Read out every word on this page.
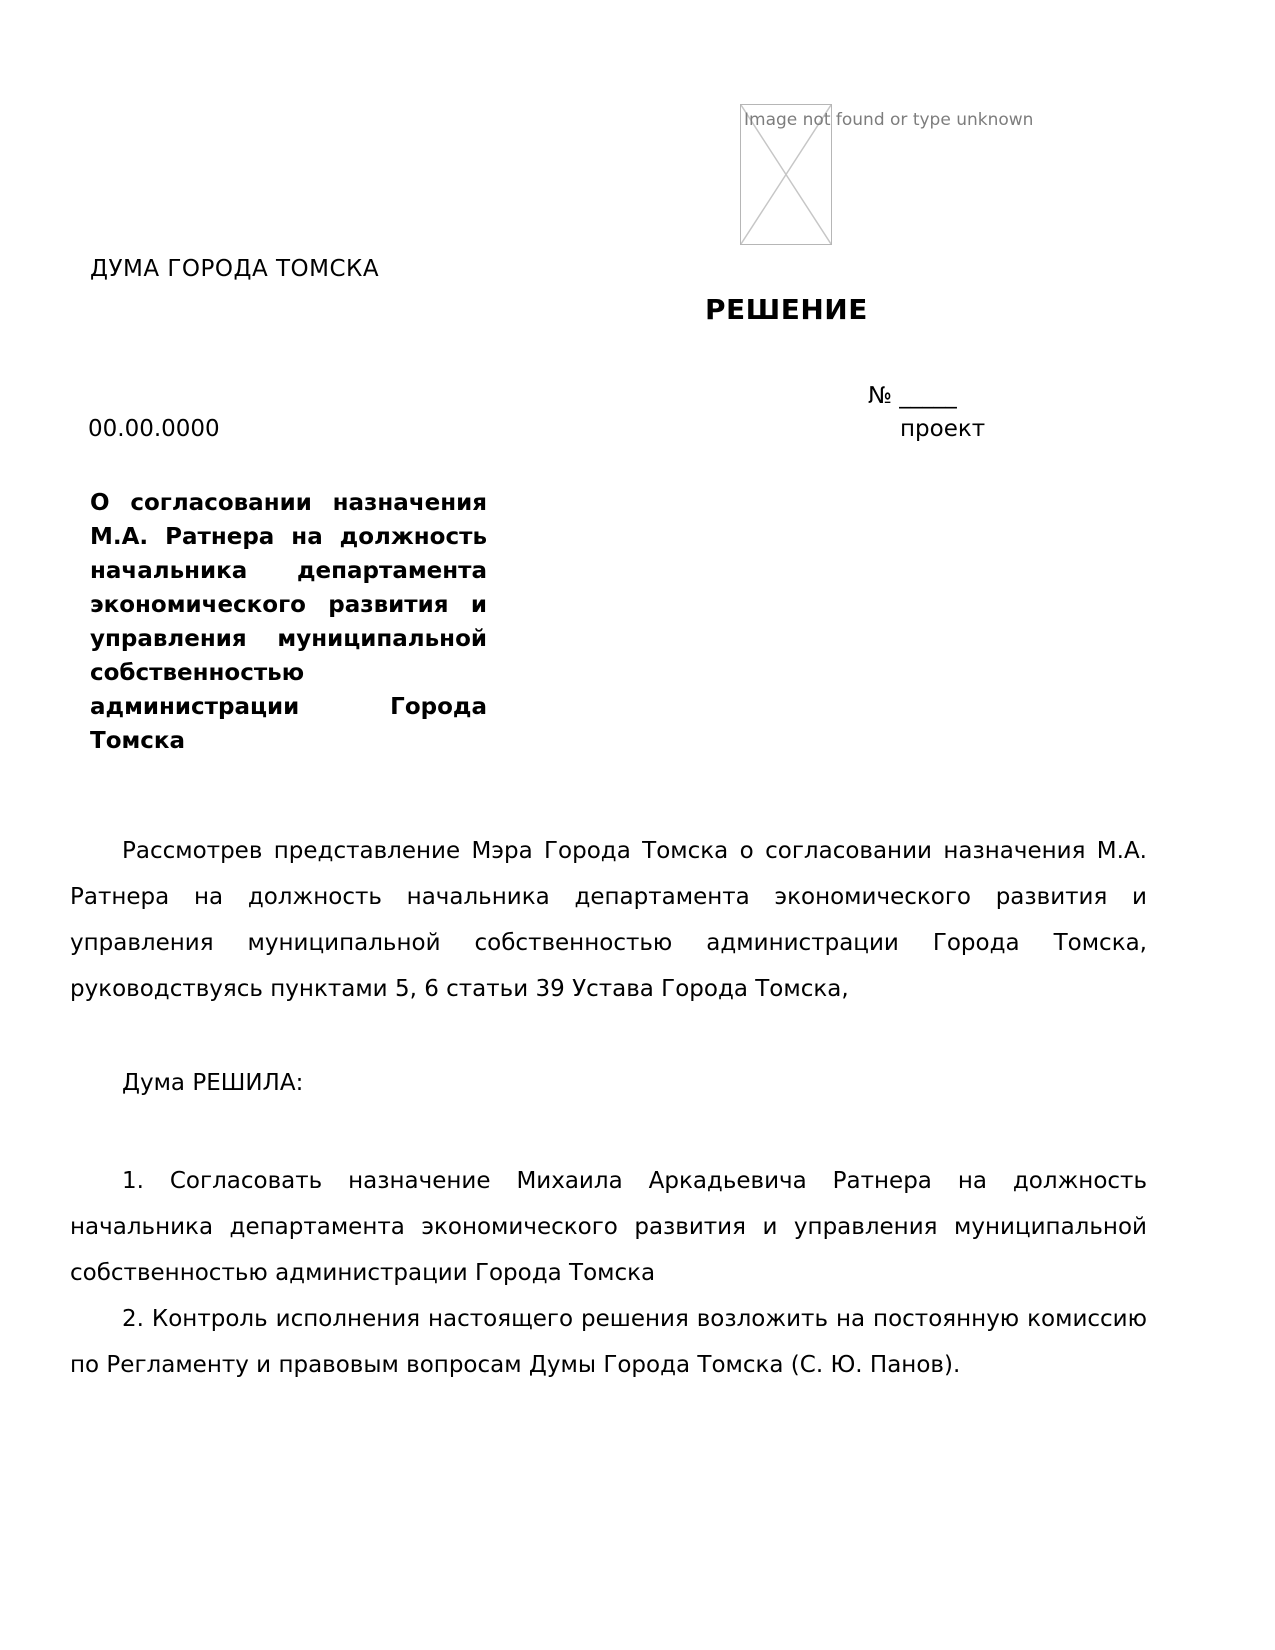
Image not found or type unknown
ДУМА ГОРОДА ТОМСКА
РЕШЕНИЕ
№ _____
00.00.0000	проект
О согласовании назначения М.А. Ратнера на должность начальника департамента экономического развития и управления муниципальной собственностью администрации Города Томска

Рассмотрев представление Мэра Города Томска о согласовании назначения М.А. Ратнера на должность начальника департамента экономического развития и управления муниципальной собственностью администрации Города Томска, руководствуясь пунктами 5, 6 статьи 39 Устава Города Томска,

Дума РЕШИЛА:

1. Согласовать назначение Михаила Аркадьевича Ратнера на должность начальника департамента экономического развития и управления муниципальной собственностью администрации Города Томска

2. Контроль исполнения настоящего решения возложить на постоянную комиссию по Регламенту и правовым вопросам Думы Города Томска (С. Ю. Панов).
